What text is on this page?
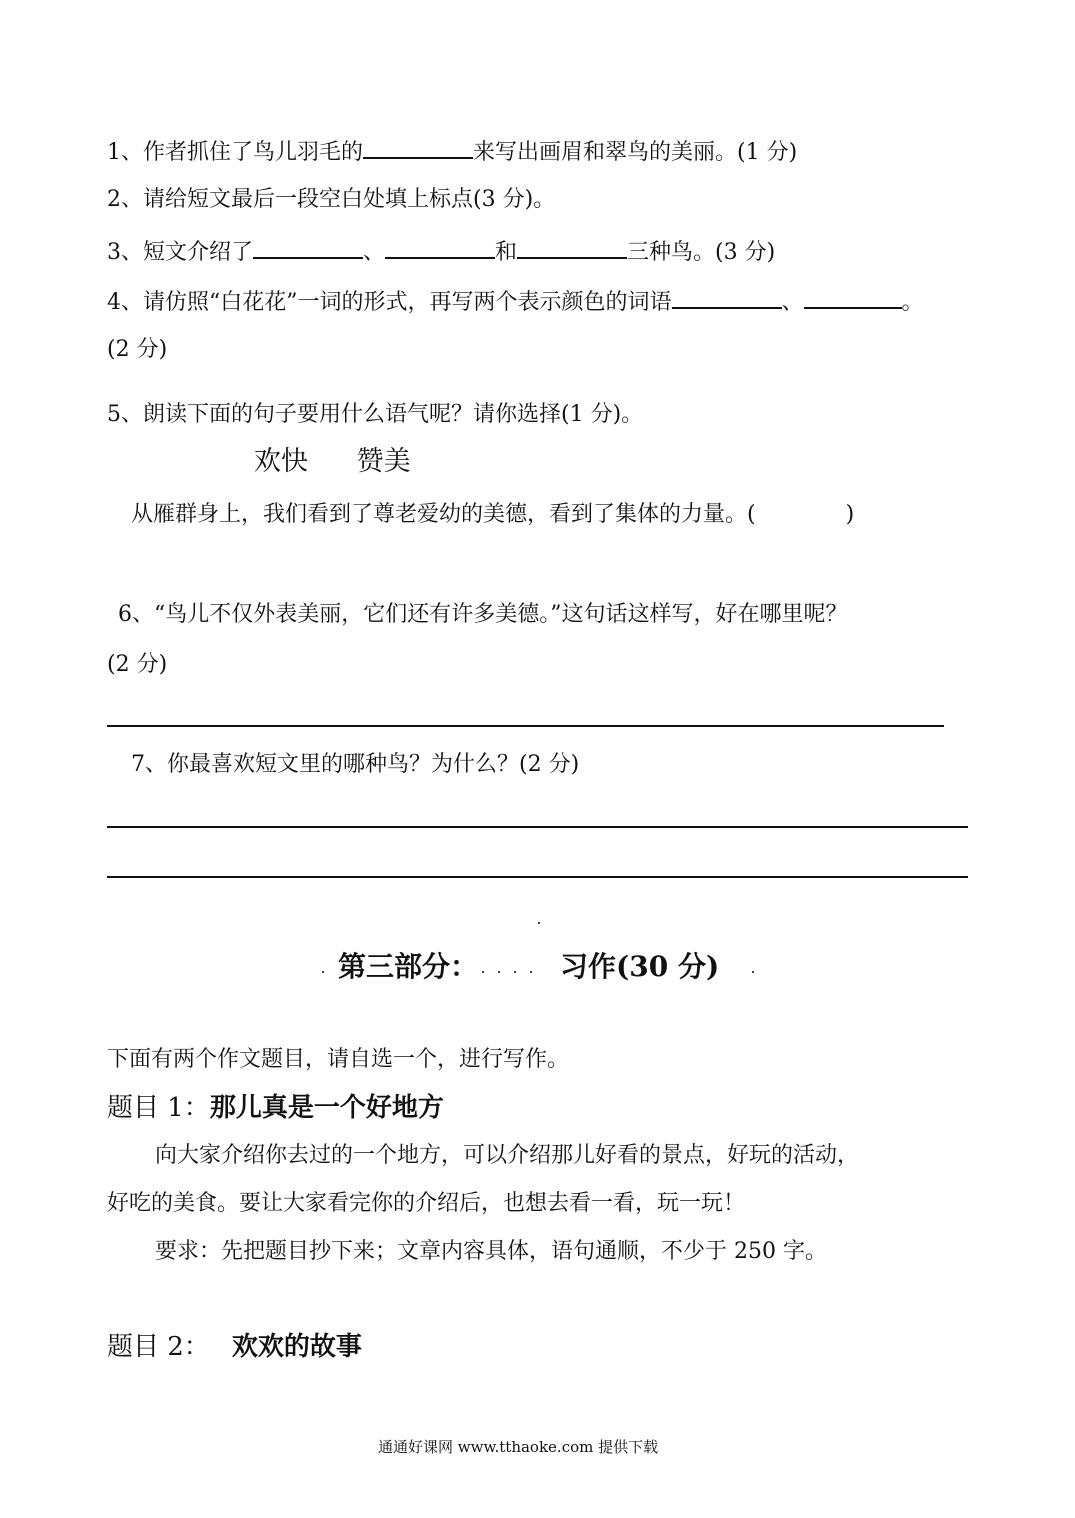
1、作者抓住了鸟儿羽毛的	来写出画眉和翠鸟的美丽。(1 分)
2、请给短文最后一段空白处填上标点(3 分)。
3、短文介绍了	、	和	三种鸟。(3 分)
4、请仿照“白花花”一词的形式，再写两个表示颜色的词语	、	。
(2 分)
5、朗读下面的句子要用什么语气呢？请你选择(1 分)。
欢快 赞美
从雁群身上，我们看到了尊老爱幼的美德，看到了集体的力量。(	)
6、“鸟儿不仅外表美丽，它们还有许多美德。”这句话这样写，好在哪里呢？
(2 分)
7、你最喜欢短文里的哪种鸟？为什么？(2 分)
第三部分：	习作(30 分)
下面有两个作文题目，请自选一个，进行写作。
题目 1：那儿真是一个好地方
向大家介绍你去过的一个地方，可以介绍那儿好看的景点，好玩的活动，
好吃的美食。要让大家看完你的介绍后，也想去看一看，玩一玩！
要求：先把题目抄下来；文章内容具体，语句通顺，不少于 250 字。
题目 2： 欢欢的故事
通通好课网 www.tthaoke.com 提供下载
